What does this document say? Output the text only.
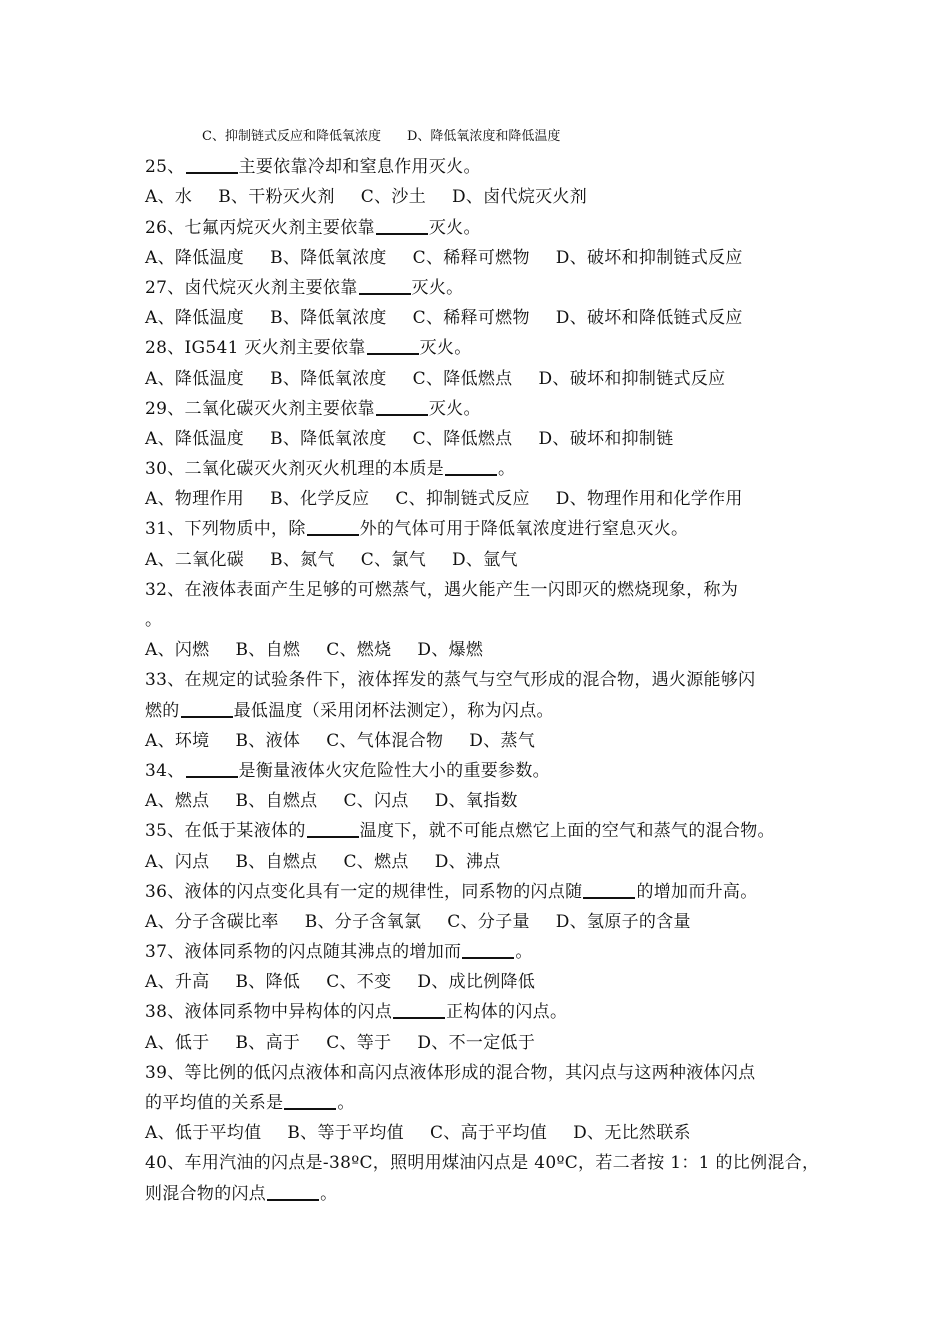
C、抑制链式反应和降低氧浓度 D、降低氧浓度和降低温度
25、	主要依靠冷却和窒息作用灭火。
A、水 B、干粉灭火剂 C、沙土 D、卤代烷灭火剂
26、七氟丙烷灭火剂主要依靠	灭火。
A、降低温度 B、降低氧浓度 C、稀释可燃物 D、破坏和抑制链式反应
27、卤代烷灭火剂主要依靠	灭火。
A、降低温度 B、降低氧浓度 C、稀释可燃物 D、破坏和降低链式反应
28、IG541 灭火剂主要依靠	灭火。
A、降低温度 B、降低氧浓度 C、降低燃点 D、破坏和抑制链式反应
29、二氧化碳灭火剂主要依靠	灭火。
A、降低温度 B、降低氧浓度 C、降低燃点 D、破坏和抑制链
30、二氧化碳灭火剂灭火机理的本质是	。
A、物理作用 B、化学反应 C、抑制链式反应 D、物理作用和化学作用
31、下列物质中，除	外的气体可用于降低氧浓度进行窒息灭火。
A、二氧化碳 B、氮气 C、氯气 D、氩气
32、在液体表面产生足够的可燃蒸气，遇火能产生一闪即灭的燃烧现象，称为
。
A、闪燃 B、自燃 C、燃烧 D、爆燃
33、在规定的试验条件下，液体挥发的蒸气与空气形成的混合物，遇火源能够闪
燃的	最低温度（采用闭杯法测定），称为闪点。
A、环境 B、液体 C、气体混合物 D、蒸气
34、	是衡量液体火灾危险性大小的重要参数。
A、燃点 B、自燃点 C、闪点 D、氧指数
35、在低于某液体的	温度下，就不可能点燃它上面的空气和蒸气的混合物。
A、闪点 B、自燃点 C、燃点 D、沸点
36、液体的闪点变化具有一定的规律性，同系物的闪点随	的增加而升高。
A、分子含碳比率 B、分子含氧氯 C、分子量 D、氢原子的含量
37、液体同系物的闪点随其沸点的增加而	。
A、升高 B、降低 C、不变 D、成比例降低
38、液体同系物中异构体的闪点	正构体的闪点。
A、低于 B、高于 C、等于 D、不一定低于
39、等比例的低闪点液体和高闪点液体形成的混合物，其闪点与这两种液体闪点
的平均值的关系是	。
A、低于平均值 B、等于平均值 C、高于平均值 D、无比然联系
40、车用汽油的闪点是-38ºC，照明用煤油闪点是 40ºC，若二者按 1：1 的比例混合，
则混合物的闪点	。
